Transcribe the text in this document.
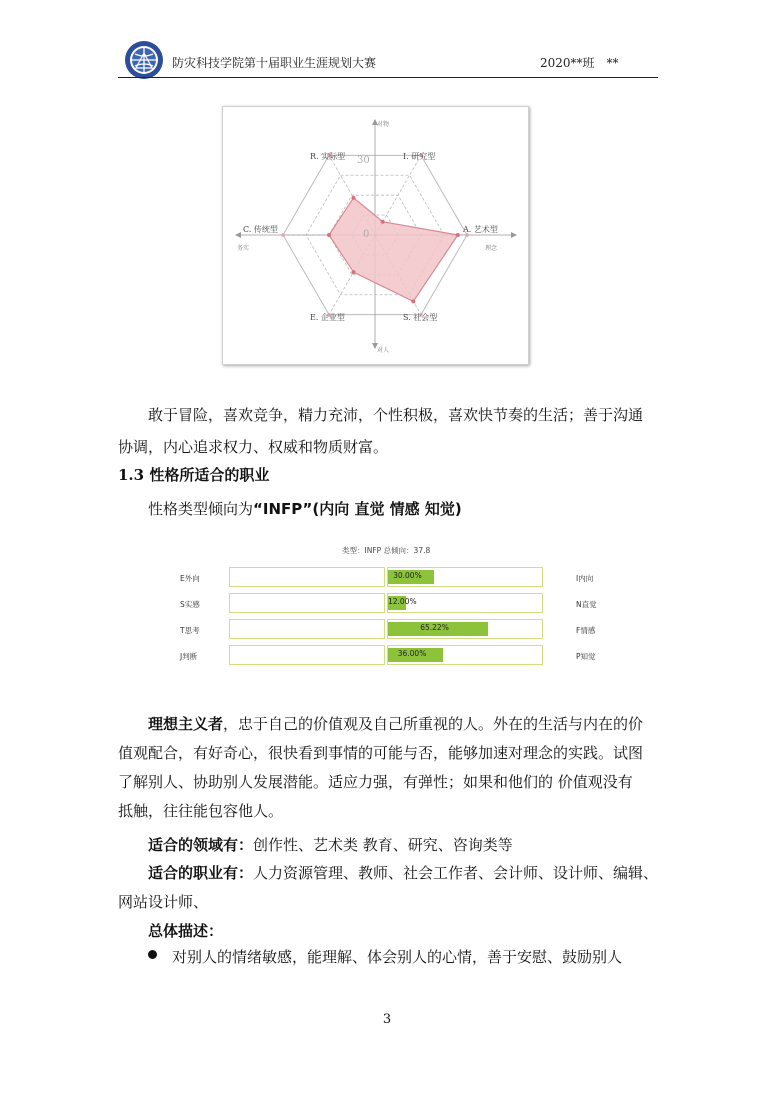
防灾科技学院第十届职业生涯规划大赛	2020**班　**
对物
对人
务实	理念
30
0
R. 实际型	I. 研究型
A. 艺术型
S. 社会型
E. 企业型
C. 传统型
敢于冒险，喜欢竞争，精力充沛，个性积极，喜欢快节奏的生活；善于沟通
协调，内心追求权力、权威和物质财富。
1.3 性格所适合的职业
性格类型倾向为“INFP”(内向 直觉 情感 知觉)
类型：INFP 总倾向：37.8
E外向	30.00%	I内向
S实感	12.00%	N直觉
T思考	65.22%	F情感
J判断	36.00%	P知觉
理想主义者，忠于自己的价值观及自己所重视的人。外在的生活与内在的价
值观配合，有好奇心，很快看到事情的可能与否，能够加速对理念的实践。试图
了解别人、协助别人发展潜能。适应力强，有弹性；如果和他们的 价值观没有
抵触，往往能包容他人。
适合的领域有：创作性、艺术类 教育、研究、咨询类等
适合的职业有：人力资源管理、教师、社会工作者、会计师、设计师、编辑、
网站设计师、
总体描述：
对别人的情绪敏感，能理解、体会别人的心情，善于安慰、鼓励别人
3
